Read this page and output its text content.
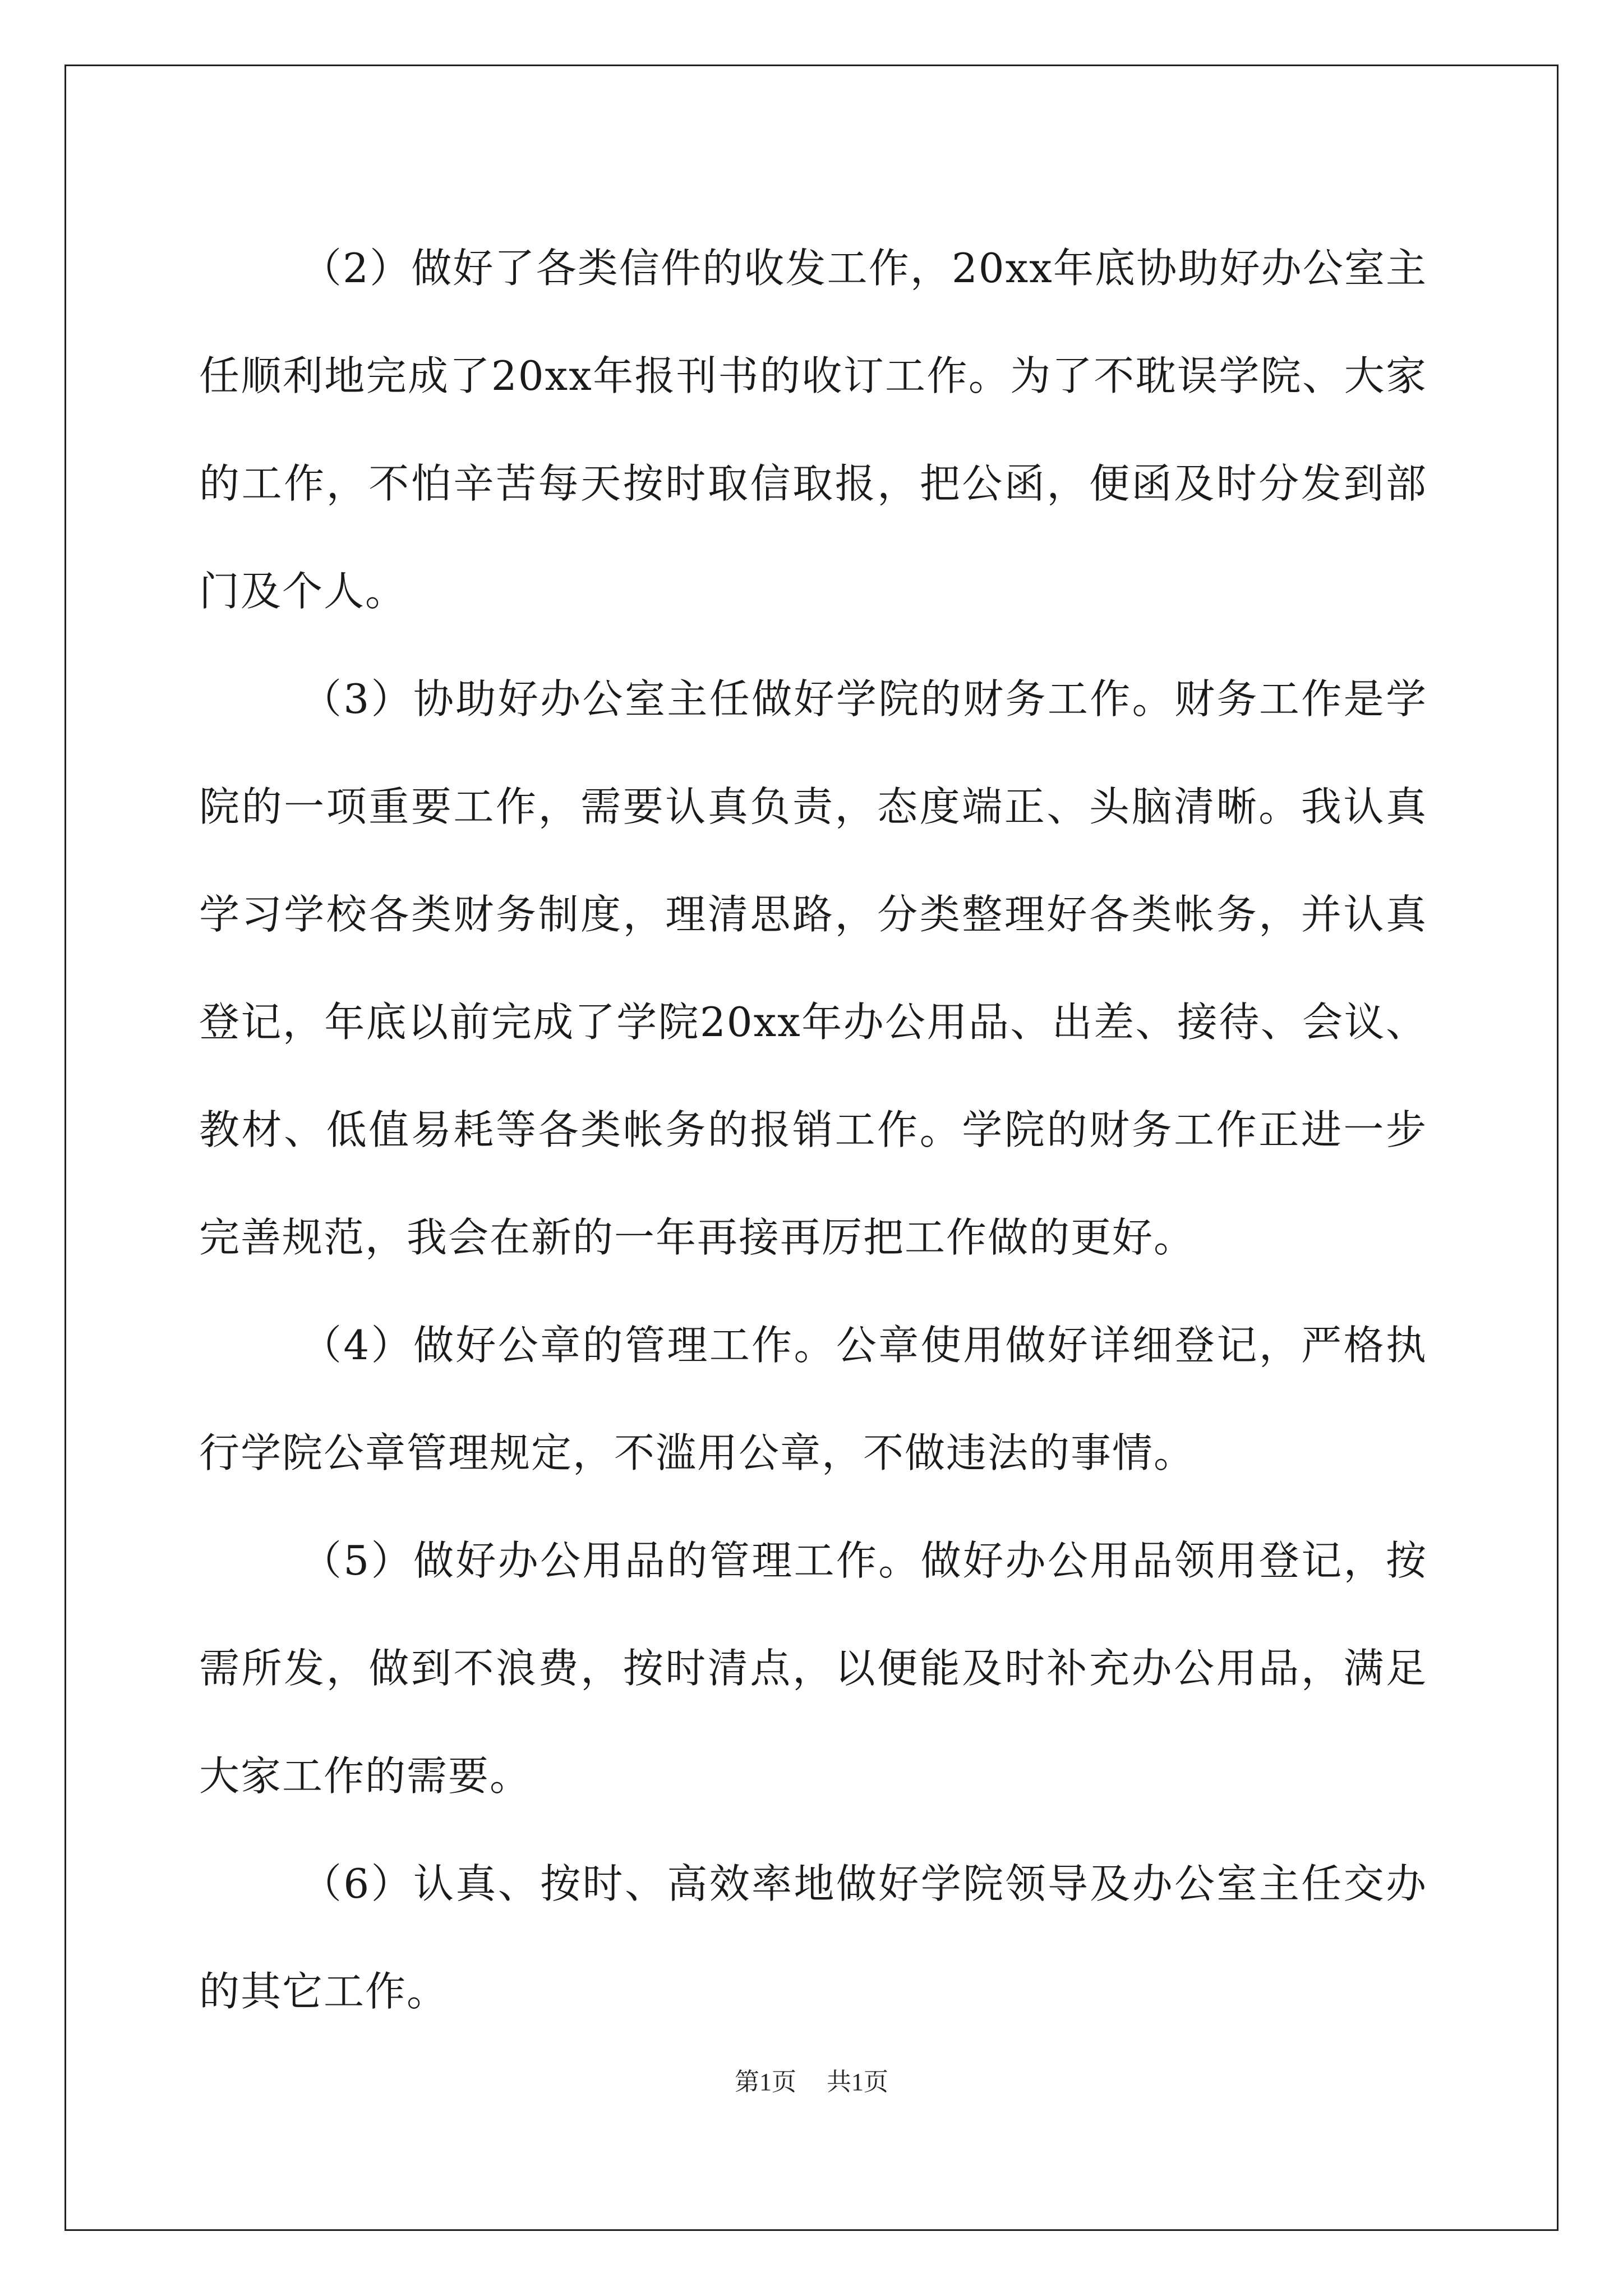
（2）做好了各类信件的收发工作，20xx年底协助好办公室主任顺利地完成了20xx年报刊书的收订工作。为了不耽误学院、大家的工作，不怕辛苦每天按时取信取报，把公函，便函及时分发到部门及个人。

（3）协助好办公室主任做好学院的财务工作。财务工作是学院的一项重要工作，需要认真负责，态度端正、头脑清晰。我认真学习学校各类财务制度，理清思路，分类整理好各类帐务，并认真登记，年底以前完成了学院20xx年办公用品、出差、接待、会议、教材、低值易耗等各类帐务的报销工作。学院的财务工作正进一步完善规范，我会在新的一年再接再厉把工作做的更好。

（4）做好公章的管理工作。公章使用做好详细登记，严格执行学院公章管理规定，不滥用公章，不做违法的事情。

（5）做好办公用品的管理工作。做好办公用品领用登记，按需所发，做到不浪费，按时清点，以便能及时补充办公用品，满足大家工作的需要。

（6）认真、按时、高效率地做好学院领导及办公室主任交办的其它工作。

第1页 共1页
